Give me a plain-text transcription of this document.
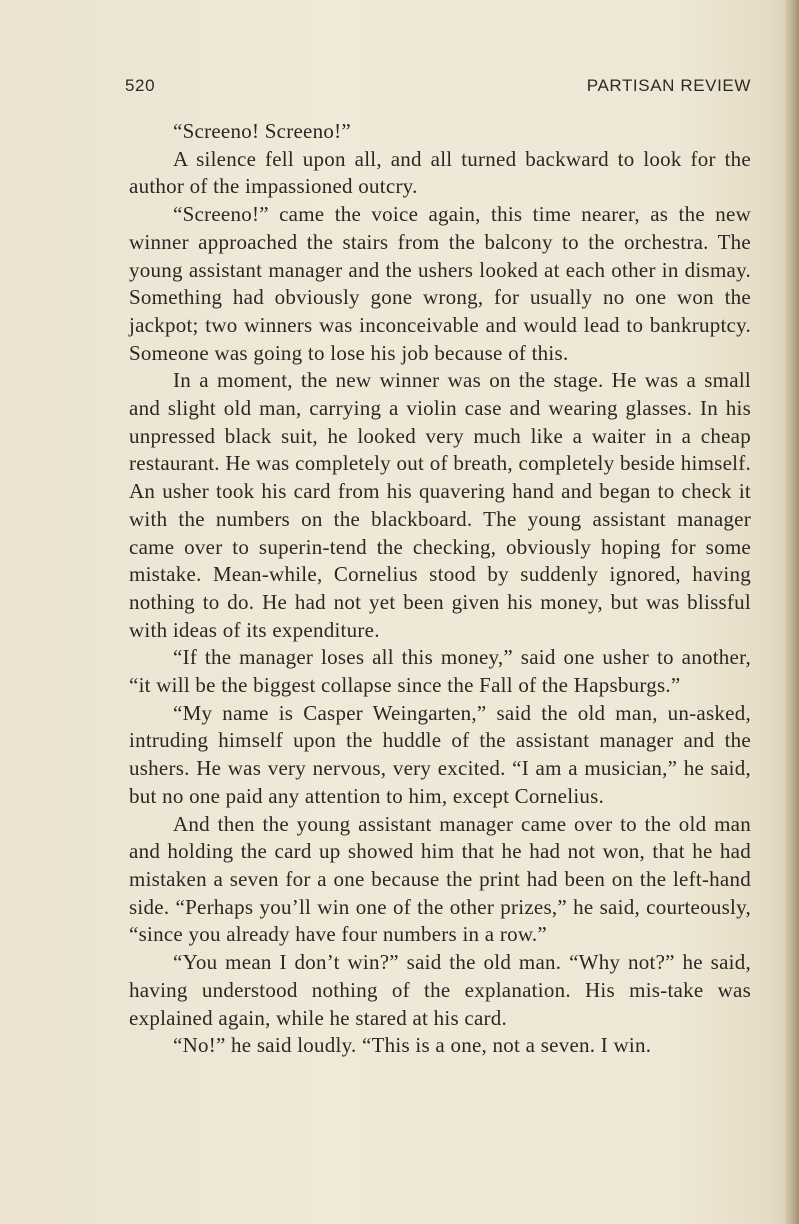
520	PARTISAN REVIEW

“Screeno! Screeno!”

A silence fell upon all, and all turned backward to look for the author of the impassioned outcry.

“Screeno!” came the voice again, this time nearer, as the new winner approached the stairs from the balcony to the orchestra. The young assistant manager and the ushers looked at each other in dismay. Something had obviously gone wrong, for usually no one won the jackpot; two winners was inconceivable and would lead to bankruptcy. Someone was going to lose his job because of this.

In a moment, the new winner was on the stage. He was a small and slight old man, carrying a violin case and wearing glasses. In his unpressed black suit, he looked very much like a waiter in a cheap restaurant. He was completely out of breath, completely beside himself. An usher took his card from his quavering hand and began to check it with the numbers on the blackboard. The young assistant manager came over to superin-tend the checking, obviously hoping for some mistake. Mean-while, Cornelius stood by suddenly ignored, having nothing to do. He had not yet been given his money, but was blissful with ideas of its expenditure.

“If the manager loses all this money,” said one usher to another, “it will be the biggest collapse since the Fall of the Hapsburgs.”

“My name is Casper Weingarten,” said the old man, un-asked, intruding himself upon the huddle of the assistant manager and the ushers. He was very nervous, very excited. “I am a musician,” he said, but no one paid any attention to him, except Cornelius.

And then the young assistant manager came over to the old man and holding the card up showed him that he had not won, that he had mistaken a seven for a one because the print had been on the left-hand side. “Perhaps you’ll win one of the other prizes,” he said, courteously, “since you already have four numbers in a row.”

“You mean I don’t win?” said the old man. “Why not?” he said, having understood nothing of the explanation. His mis-take was explained again, while he stared at his card.

“No!” he said loudly. “This is a one, not a seven. I win.
